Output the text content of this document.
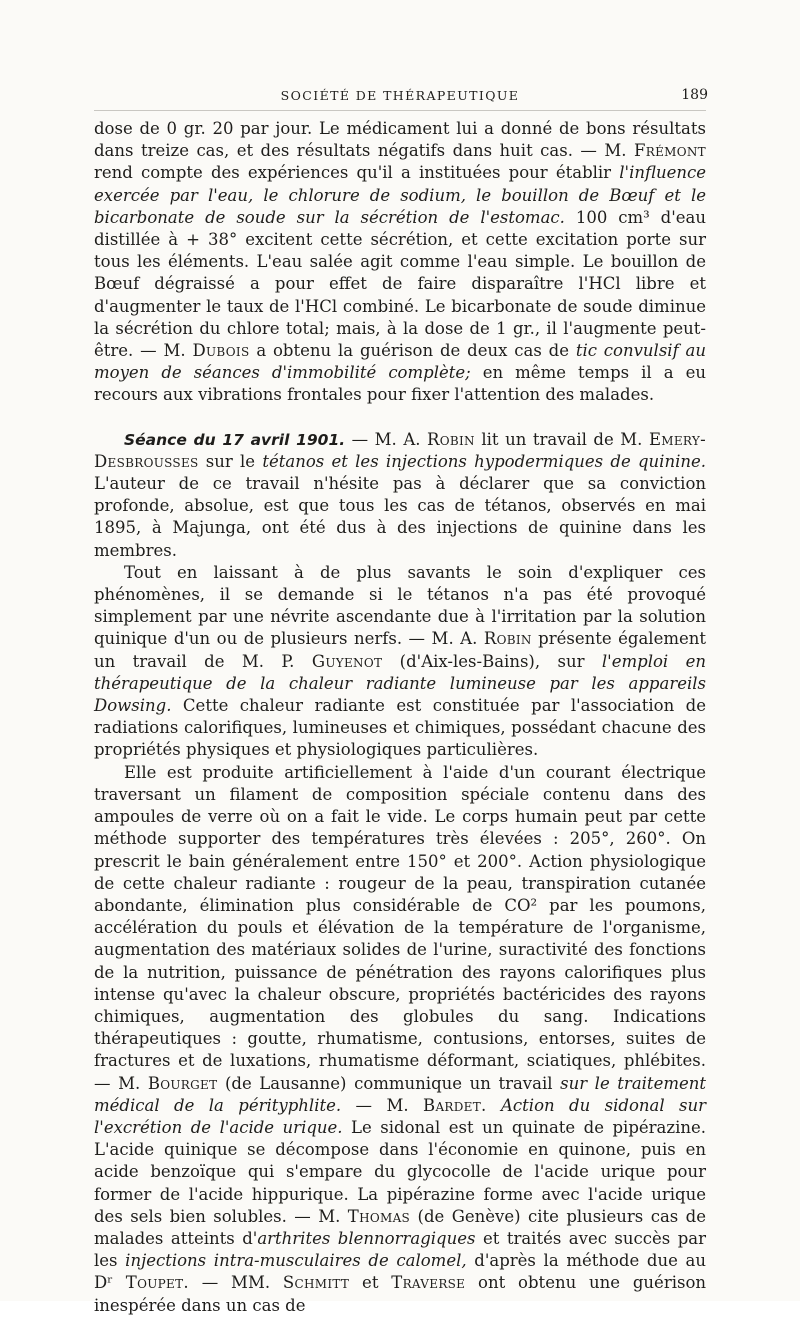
SOCIÉTÉ DE THÉRAPEUTIQUE	189

dose de 0 gr. 20 par jour. Le médicament lui a donné de bons résultats dans treize cas, et des résultats négatifs dans huit cas. — M. Frémont rend compte des expériences qu'il a instituées pour établir l'influence exercée par l'eau, le chlorure de sodium, le bouillon de Bœuf et le bicarbonate de soude sur la sécrétion de l'estomac. 100 cm³ d'eau distillée à + 38° excitent cette sécrétion, et cette excitation porte sur tous les éléments. L'eau salée agit comme l'eau simple. Le bouillon de Bœuf dégraissé a pour effet de faire disparaître l'HCl libre et d'augmenter le taux de l'HCl combiné. Le bicarbonate de soude diminue la sécrétion du chlore total; mais, à la dose de 1 gr., il l'augmente peut-être. — M. Dubois a obtenu la guérison de deux cas de tic convulsif au moyen de séances d'immobilité complète; en même temps il a eu recours aux vibrations frontales pour fixer l'attention des malades.

Séance du 17 avril 1901. — M. A. Robin lit un travail de M. Emery-Desbrousses sur le tétanos et les injections hypodermiques de quinine. L'auteur de ce travail n'hésite pas à déclarer que sa conviction profonde, absolue, est que tous les cas de tétanos, observés en mai 1895, à Majunga, ont été dus à des injections de quinine dans les membres.

Tout en laissant à de plus savants le soin d'expliquer ces phénomènes, il se demande si le tétanos n'a pas été provoqué simplement par une névrite ascendante due à l'irritation par la solution quinique d'un ou de plusieurs nerfs. — M. A. Robin présente également un travail de M. P. Guyenot (d'Aix-les-Bains), sur l'emploi en thérapeutique de la chaleur radiante lumineuse par les appareils Dowsing. Cette chaleur radiante est constituée par l'association de radiations calorifiques, lumineuses et chimiques, possédant chacune des propriétés physiques et physiologiques particulières.

Elle est produite artificiellement à l'aide d'un courant électrique traversant un filament de composition spéciale contenu dans des ampoules de verre où on a fait le vide. Le corps humain peut par cette méthode supporter des températures très élevées : 205°, 260°. On prescrit le bain généralement entre 150° et 200°. Action physiologique de cette chaleur radiante : rougeur de la peau, transpiration cutanée abondante, élimination plus considérable de CO² par les poumons, accélération du pouls et élévation de la température de l'organisme, augmentation des matériaux solides de l'urine, suractivité des fonctions de la nutrition, puissance de pénétration des rayons calorifiques plus intense qu'avec la chaleur obscure, propriétés bactéricides des rayons chimiques, augmentation des globules du sang. Indications thérapeutiques : goutte, rhumatisme, contusions, entorses, suites de fractures et de luxations, rhumatisme déformant, sciatiques, phlébites. — M. Bourget (de Lausanne) communique un travail sur le traitement médical de la pérityphlite. — M. Bardet. Action du sidonal sur l'excrétion de l'acide urique. Le sidonal est un quinate de pipérazine. L'acide quinique se décompose dans l'économie en quinone, puis en acide benzoïque qui s'empare du glycocolle de l'acide urique pour former de l'acide hippurique. La pipérazine forme avec l'acide urique des sels bien solubles. — M. Thomas (de Genève) cite plusieurs cas de malades atteints d'arthrites blennorragiques et traités avec succès par les injections intra-musculaires de calomel, d'après la méthode due au Dʳ Toupet. — MM. Schmitt et Traverse ont obtenu une guérison inespérée dans un cas de
